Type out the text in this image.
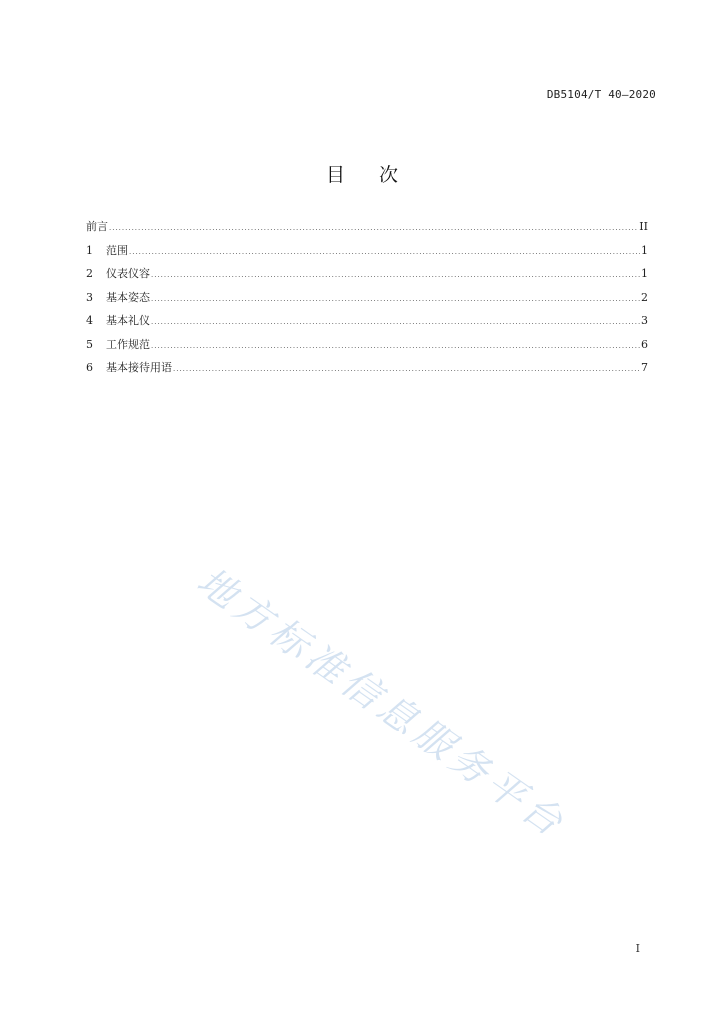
DB5104/T 40—2020
目 次
前言 .....	II
1	范围 .....	1
2	仪表仪容 .....	1
3	基本姿态 .....	2
4	基本礼仪 .....	3
5	工作规范 .....	6
6	基本接待用语 .....	7
地方标准信息服务平台
I
